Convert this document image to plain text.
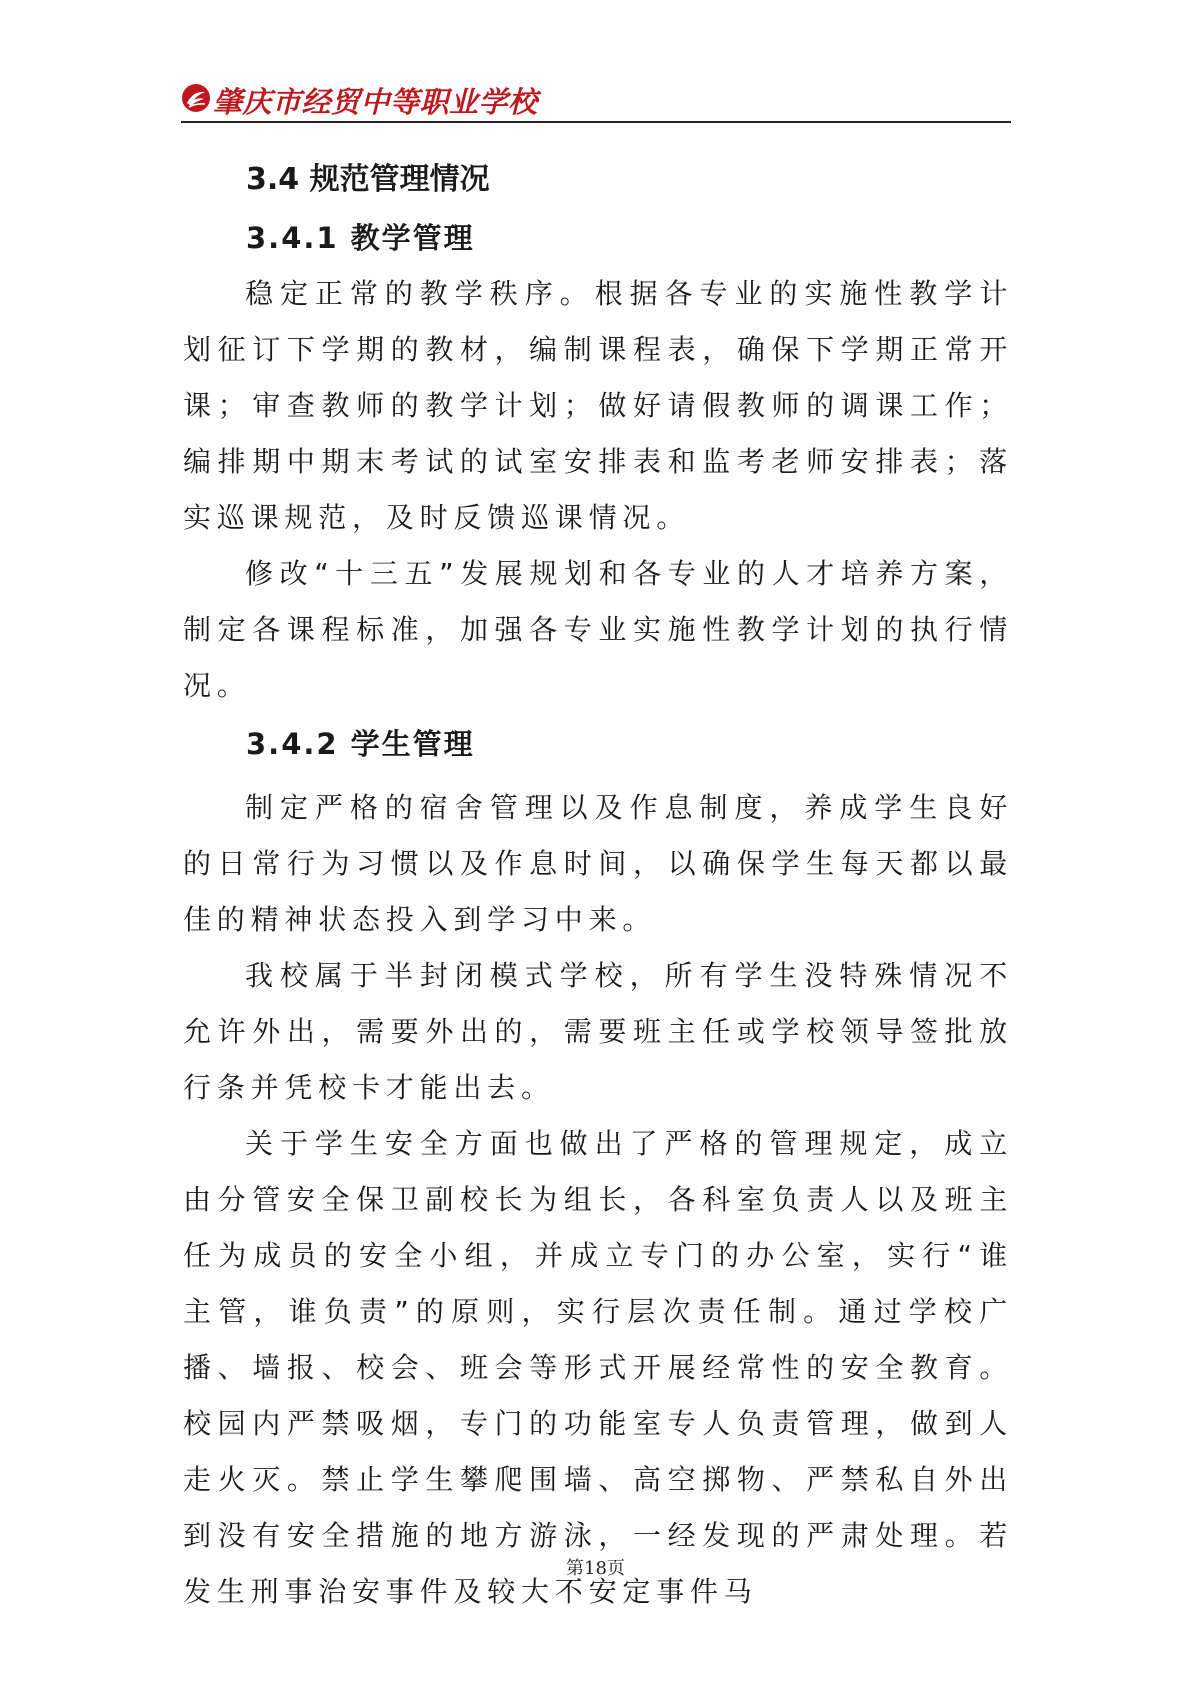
肇庆市经贸中等职业学校
3.4 规范管理情况
3.4.1 教学管理

稳定正常的教学秩序。根据各专业的实施性教学计划征订下学期的教材，编制课程表，确保下学期正常开课；审查教师的教学计划；做好请假教师的调课工作；编排期中期末考试的试室安排表和监考老师安排表；落实巡课规范，及时反馈巡课情况。

修改“十三五”发展规划和各专业的人才培养方案，制定各课程标准，加强各专业实施性教学计划的执行情况。

3.4.2 学生管理

制定严格的宿舍管理以及作息制度，养成学生良好的日常行为习惯以及作息时间，以确保学生每天都以最佳的精神状态投入到学习中来。

我校属于半封闭模式学校，所有学生没特殊情况不允许外出，需要外出的，需要班主任或学校领导签批放行条并凭校卡才能出去。

关于学生安全方面也做出了严格的管理规定，成立由分管安全保卫副校长为组长，各科室负责人以及班主任为成员的安全小组，并成立专门的办公室，实行“谁主管，谁负责”的原则，实行层次责任制。通过学校广播、墙报、校会、班会等形式开展经常性的安全教育。校园内严禁吸烟，专门的功能室专人负责管理，做到人走火灭。禁止学生攀爬围墙、高空掷物、严禁私自外出到没有安全措施的地方游泳，一经发现的严肃处理。若发生刑事治安事件及较大不安定事件马

第18页
